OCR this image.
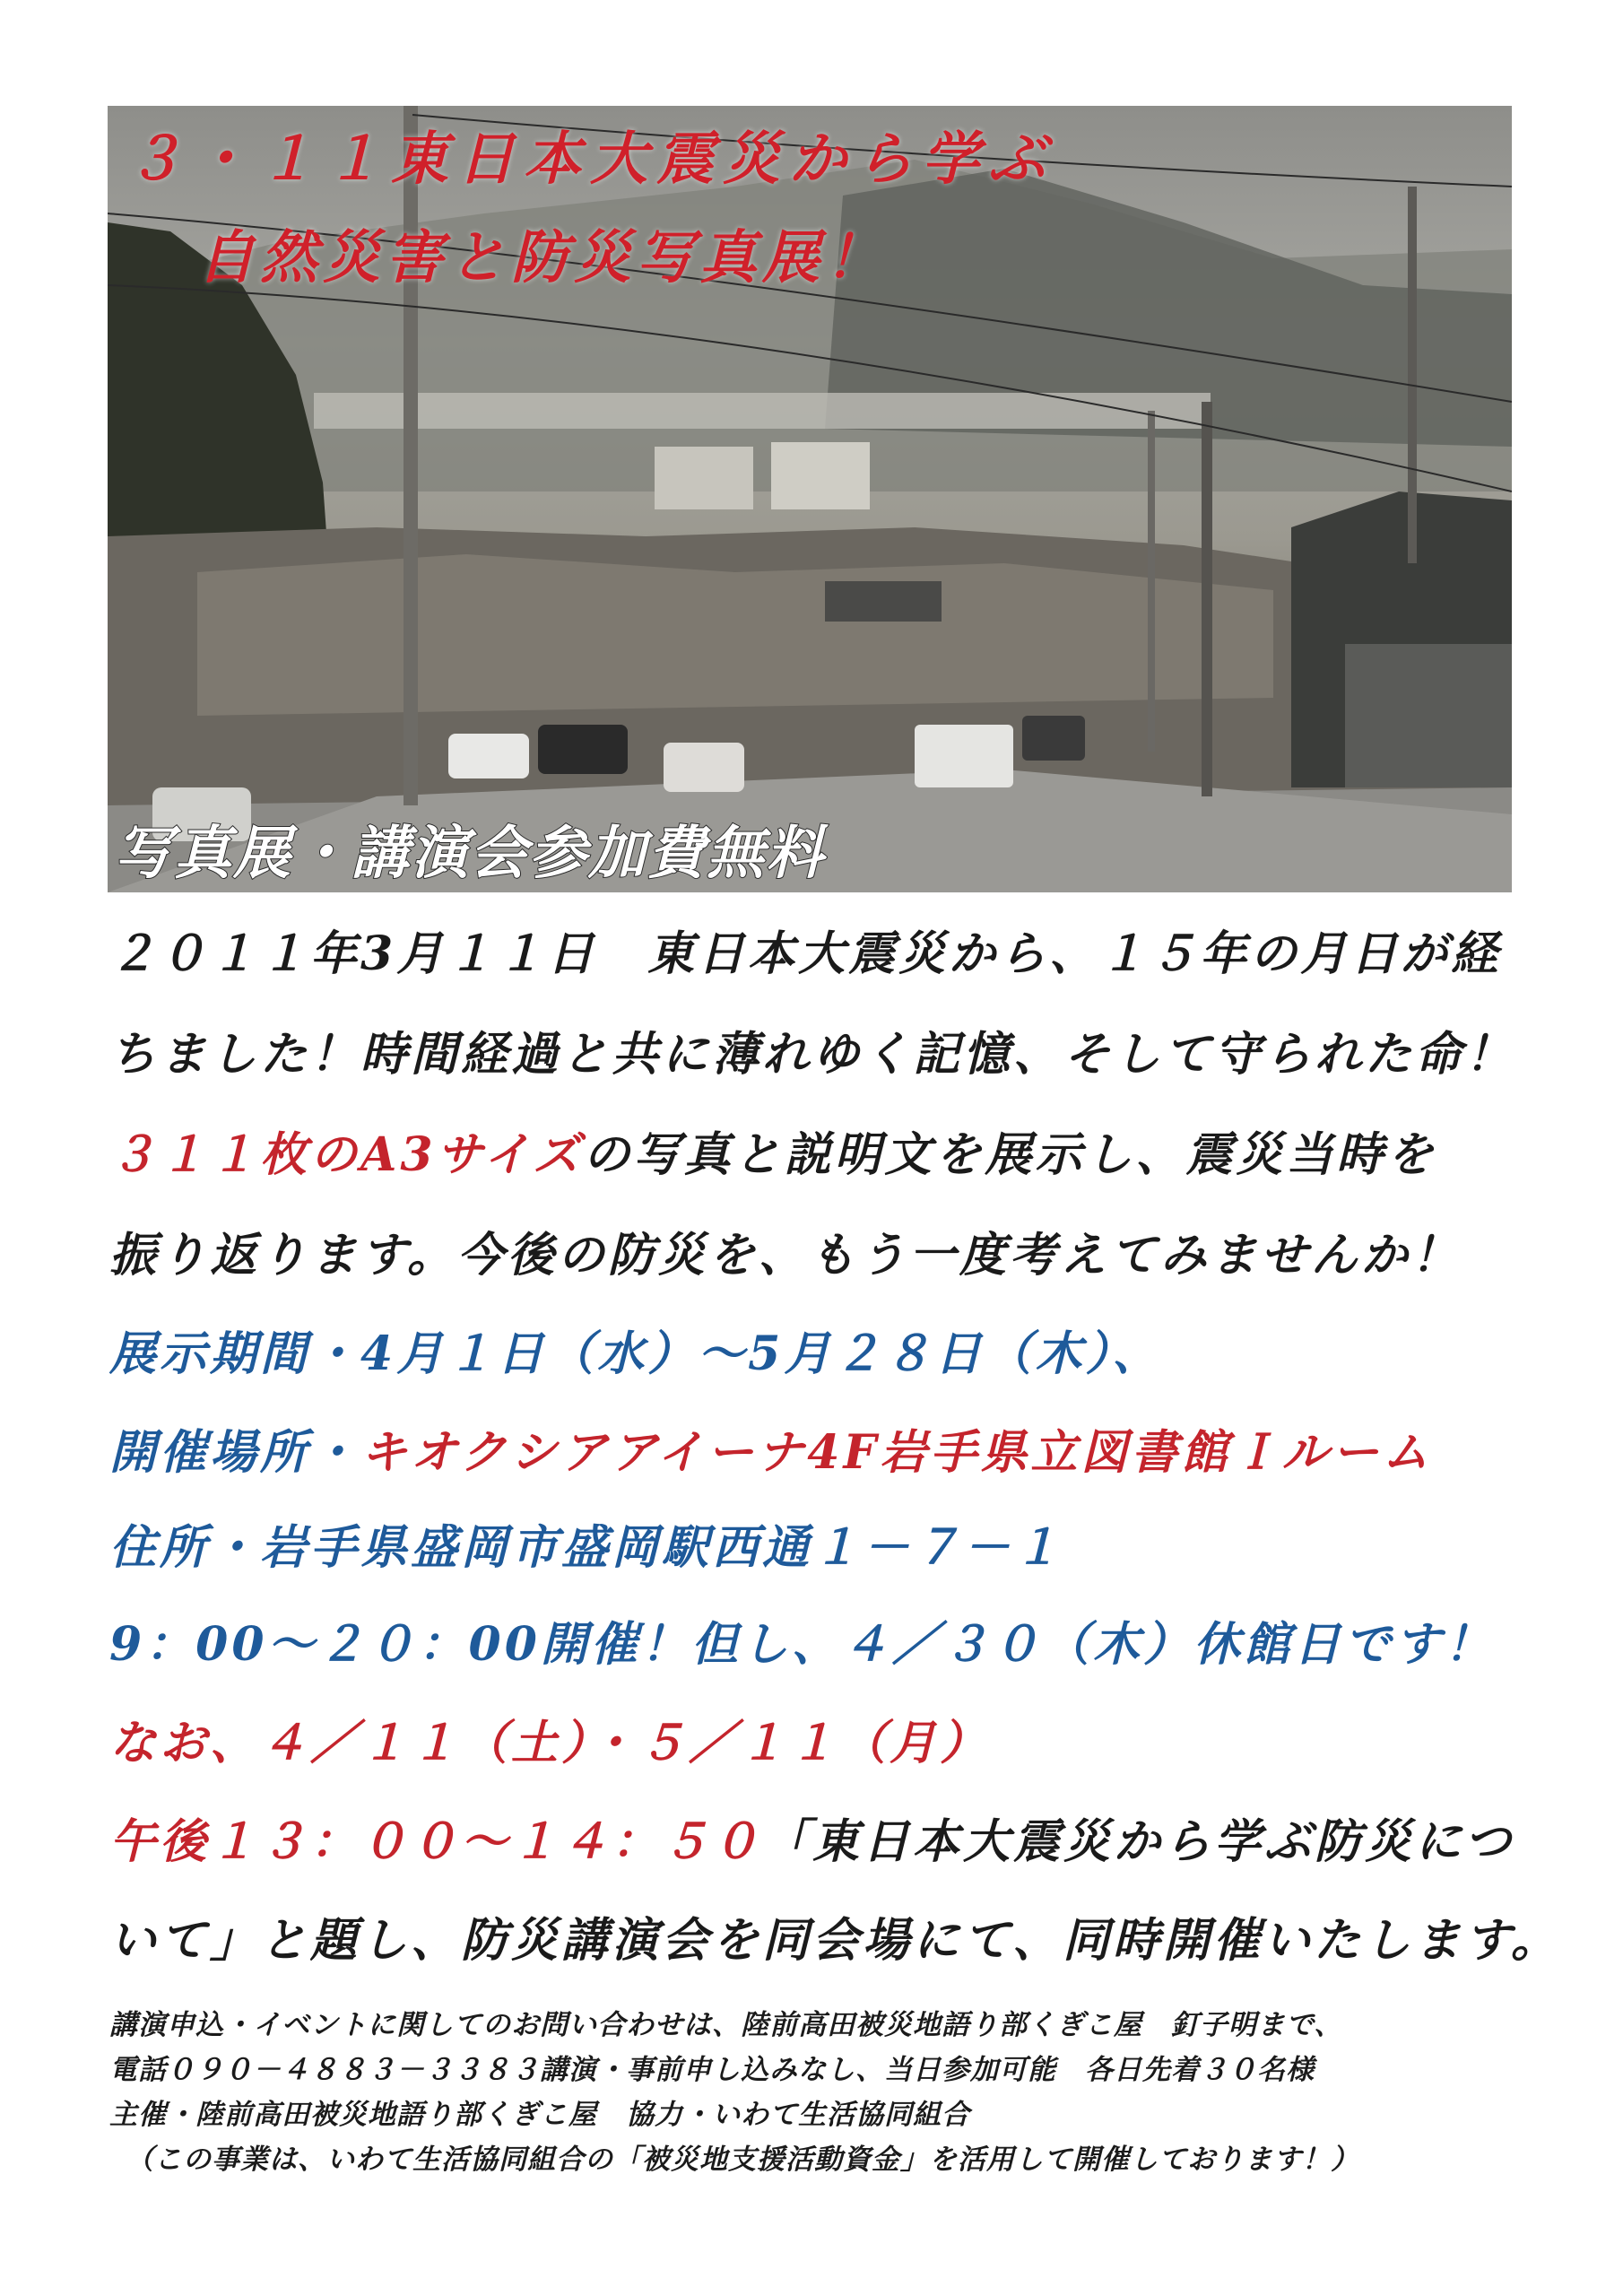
３・１１東日本大震災から学ぶ
自然災害と防災写真展！
写真展・講演会参加費無料
２０１１年3月１１日　東日本大震災から、１５年の月日が経
ちました！時間経過と共に薄れゆく記憶、そして守られた命！
３１１枚のA3サイズの写真と説明文を展示し、震災当時を
振り返ります。今後の防災を、もう一度考えてみませんか！
展示期間・4月１日（水）～5月２８日（木）、
開催場所・キオクシアアイーナ4F岩手県立図書館Ｉルーム
住所・岩手県盛岡市盛岡駅西通１－７－１
9：00～２０：00開催！但し、４／３０（木）休館日です！
なお、４／１１（土）・５／１１（月）
午後１３：００～１４：５０「東日本大震災から学ぶ防災につ
いて」と題し、防災講演会を同会場にて、同時開催いたします。
講演申込・イベントに関してのお問い合わせは、陸前高田被災地語り部くぎこ屋　釘子明まで、
電話０９０－４８８３－３３８３講演・事前申し込みなし、当日参加可能　各日先着３０名様
主催・陸前高田被災地語り部くぎこ屋　協力・いわて生活協同組合
（この事業は、いわて生活協同組合の「被災地支援活動資金」を活用して開催しております！）
